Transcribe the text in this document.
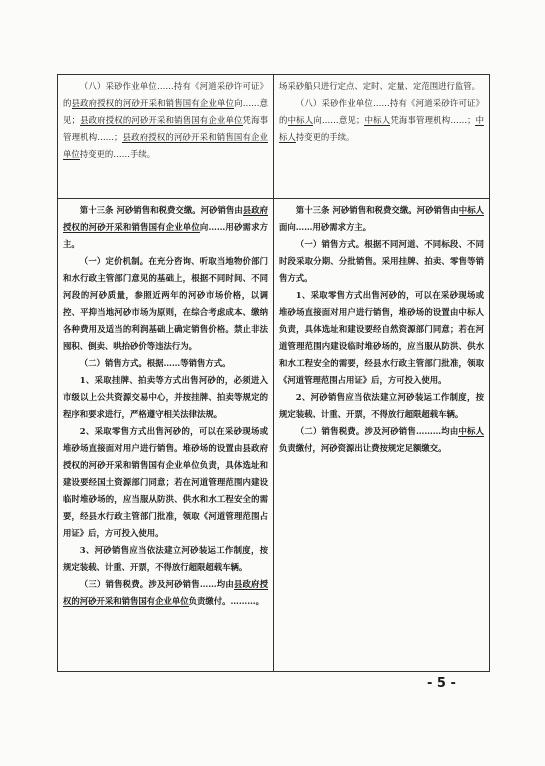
（八）采砂作业单位……持有《河道采砂许可证》的县政府授权的河砂开采和销售国有企业单位向……意见；县政府授权的河砂开采和销售国有企业单位凭海事管理机构……；县政府授权的河砂开采和销售国有企业单位持变更的……手续。

场采砂船只进行定点、定时、定量、定范围进行监管。

（八）采砂作业单位……持有《河道采砂许可证》的中标人向……意见；中标人凭海事管理机构……；中标人持变更的手续。

第十三条 河砂销售和税费交缴。河砂销售由县政府授权的河砂开采和销售国有企业单位向……用砂需求方主。

（一）定价机制。在充分咨询、听取当地物价部门和水行政主管部门意见的基础上，根据不同时间、不同河段的河砂质量，参照近两年的河砂市场价格，以调控、平抑当地河砂市场为原则，在综合考虑成本、缴纳各种费用及适当的利润基础上确定销售价格。禁止非法囤积、倒卖、哄抬砂价等违法行为。

（二）销售方式。根据……等销售方式。

1、采取挂牌、拍卖等方式出售河砂的，必须进入市级以上公共资源交易中心，并按挂牌、拍卖等规定的程序和要求进行，严格遵守相关法律法规。

2、采取零售方式出售河砂的，可以在采砂现场或堆砂场直接面对用户进行销售。堆砂场的设置由县政府授权的河砂开采和销售国有企业单位负责，具体选址和建设要经国土资源部门同意；若在河道管理范围内建设临时堆砂场的，应当服从防洪、供水和水工程安全的需要，经县水行政主管部门批准，领取《河道管理范围占用证》后，方可投入使用。

3、河砂销售应当依法建立河砂装运工作制度，按规定装载、计重、开票，不得放行超限超载车辆。

（三）销售税费。涉及河砂销售……均由县政府授权的河砂开采和销售国有企业单位负责缴付。………。

第十三条 河砂销售和税费交缴。河砂销售由中标人面向……用砂需求方主。

（一）销售方式。根据不同河道、不同标段、不同时段采取分期、分批销售。采用挂牌、拍卖、零售等销售方式。

1、采取零售方式出售河砂的，可以在采砂现场或堆砂场直接面对用户进行销售，堆砂场的设置由中标人负责，具体选址和建设要经自然资源部门同意；若在河道管理范围内建设临时堆砂场的，应当服从防洪、供水和水工程安全的需要，经县水行政主管部门批准，领取《河道管理范围占用证》后，方可投入使用。

2、河砂销售应当依法建立河砂装运工作制度，按规定装载、计重、开票，不得放行超限超载车辆。

（二）销售税费。涉及河砂销售………均由中标人负责缴付，河砂资源出让费按规定足额缴交。

- 5 -
